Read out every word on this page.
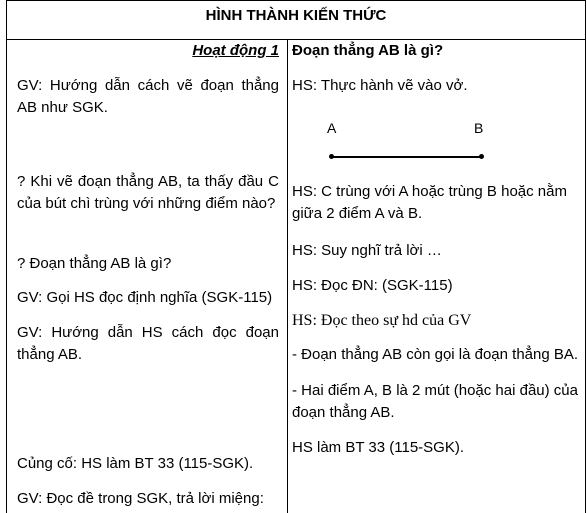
HÌNH THÀNH KIẾN THỨC
Hoạt động 1 Đoạn thẳng AB là gì?
GV: Hướng dẫn cách vẽ đoạn thẳng AB như SGK.
? Khi vẽ đoạn thẳng AB, ta thấy đầu C của bút chì trùng với những điểm nào?
? Đoạn thẳng AB là gì?
GV: Gọi HS đọc định nghĩa (SGK-115)
GV: Hướng dẫn HS cách đọc đoạn thẳng AB.
Củng cố: HS làm BT 33 (115-SGK).
GV: Đọc đề trong SGK, trả lời miệng:
HS: Thực hành vẽ vào vở.
A	B
HS: C trùng với A hoặc trùng B hoặc nằm giữa 2 điểm A và B.
HS: Suy nghĩ trả lời …
HS: Đọc ĐN: (SGK-115)
HS: Đọc theo sự hd của GV
- Đoạn thẳng AB còn gọi là đoạn thẳng BA.
- Hai điểm A, B là 2 mút (hoặc hai đầu) của đoạn thẳng AB.
HS làm BT 33 (115-SGK).
